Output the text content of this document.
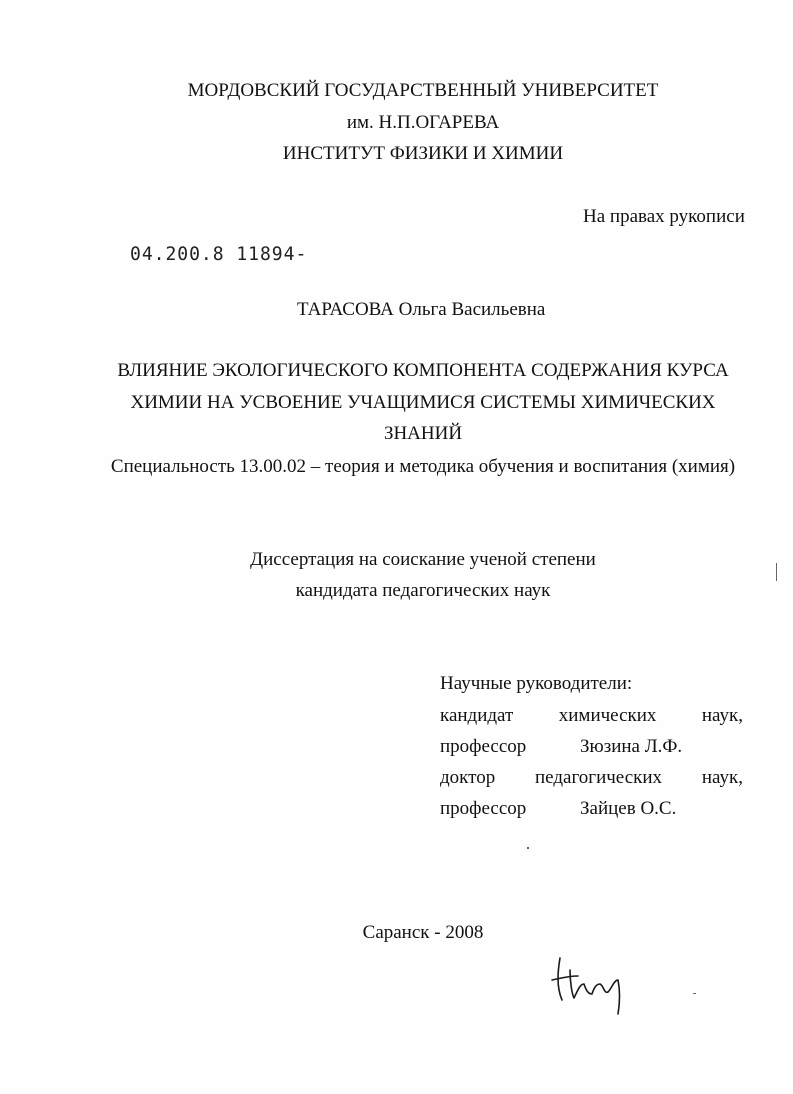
МОРДОВСКИЙ ГОСУДАРСТВЕННЫЙ УНИВЕРСИТЕТ
им. Н.П.ОГАРЕВА
ИНСТИТУТ ФИЗИКИ И ХИМИИ
На правах рукописи
04.200.8 11894-
ТАРАСОВА Ольга Васильевна
ВЛИЯНИЕ ЭКОЛОГИЧЕСКОГО КОМПОНЕНТА СОДЕРЖАНИЯ КУРСА
ХИМИИ НА УСВОЕНИЕ УЧАЩИМИСЯ СИСТЕМЫ ХИМИЧЕСКИХ
ЗНАНИЙ
Специальность 13.00.02 – теория и методика обучения и воспитания (химия)
Диссертация на соискание ученой степени
кандидата педагогических наук
Научные руководители:
кандидат химических наук,
профессор	Зюзина Л.Ф.
доктор педагогических наук,
профессор	Зайцев О.С.
Саранск - 2008
